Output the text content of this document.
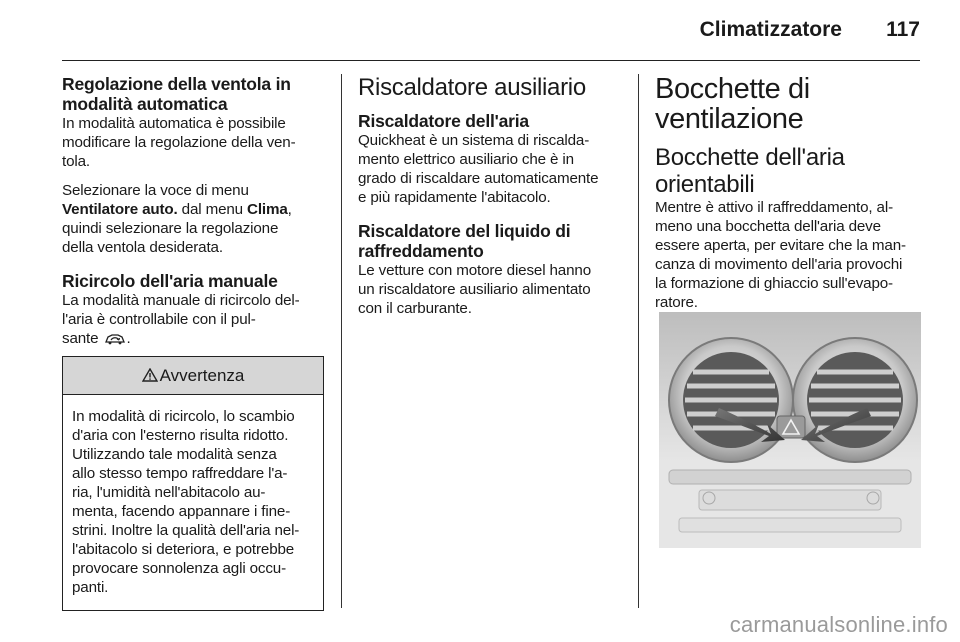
Climatizzatore 117
Regolazione della ventola in
modalità automatica

In modalità automatica è possibile
modificare la regolazione della ven-
tola.

Selezionare la voce di menu
Ventilatore auto. dal menu Clima,
quindi selezionare la regolazione
della ventola desiderata.

Ricircolo dell'aria manuale

La modalità manuale di ricircolo del-
l'aria è controllabile con il pul-
sante .

Avvertenza

In modalità di ricircolo, lo scambio
d'aria con l'esterno risulta ridotto.
Utilizzando tale modalità senza
allo stesso tempo raffreddare l'a-
ria, l'umidità nell'abitacolo au-
menta, facendo appannare i fine-
strini. Inoltre la qualità dell'aria nel-
l'abitacolo si deteriora, e potrebbe
provocare sonnolenza agli occu-
panti.

Riscaldatore ausiliario
Riscaldatore dell'aria

Quickheat è un sistema di riscalda-
mento elettrico ausiliario che è in
grado di riscaldare automaticamente
e più rapidamente l'abitacolo.

Riscaldatore del liquido di
raffreddamento

Le vetture con motore diesel hanno
un riscaldatore ausiliario alimentato
con il carburante.

Bocchette di
ventilazione
Bocchette dell'aria
orientabili

Mentre è attivo il raffreddamento, al-
meno una bocchetta dell'aria deve
essere aperta, per evitare che la man-
canza di movimento dell'aria provochi
la formazione di ghiaccio sull'evapo-
ratore.

carmanualsonline.info
